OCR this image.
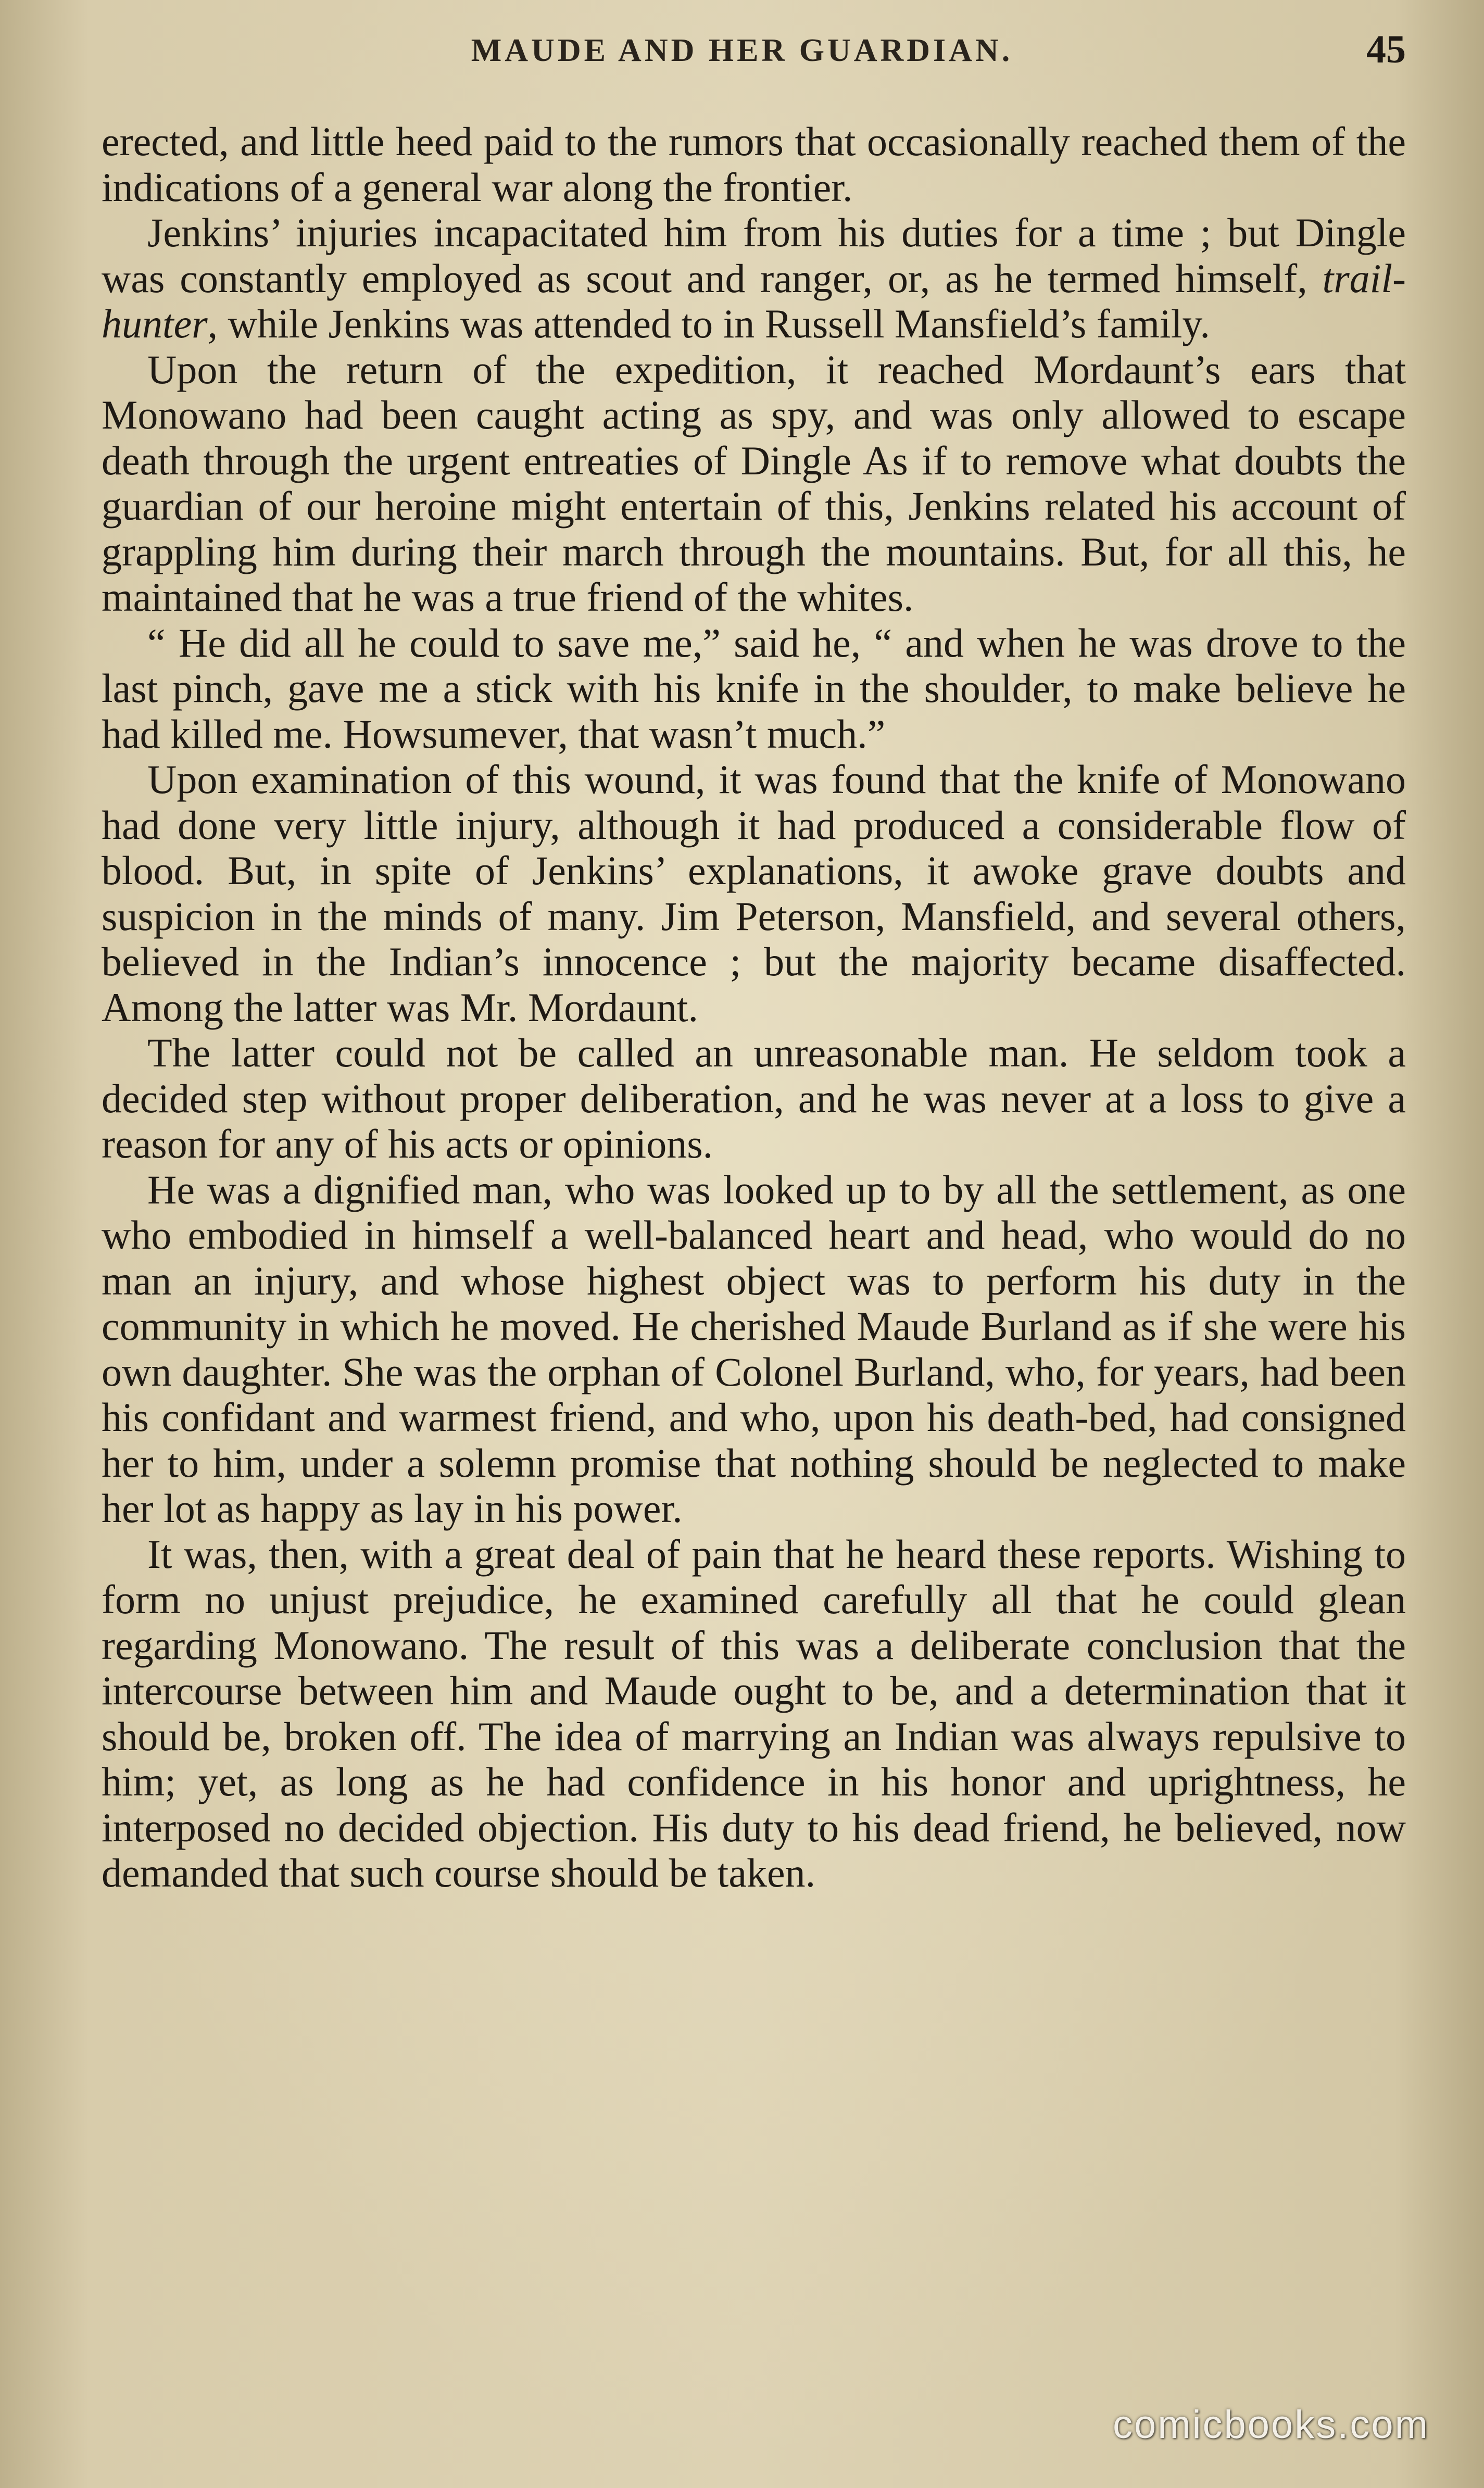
MAUDE AND HER GUARDIAN.	45

erected, and little heed paid to the rumors that occasionally reached them of the indications of a general war along the frontier.

Jenkins’ injuries incapacitated him from his duties for a time ; but Dingle was constantly employed as scout and ranger, or, as he termed himself, trail-hunter, while Jenkins was attended to in Russell Mansfield’s family.

Upon the return of the expedition, it reached Mordaunt’s ears that Monowano had been caught acting as spy, and was only allowed to escape death through the urgent entreaties of Dingle As if to remove what doubts the guardian of our heroine might entertain of this, Jenkins related his account of grappling him during their march through the mountains. But, for all this, he maintained that he was a true friend of the whites.

“ He did all he could to save me,” said he, “ and when he was drove to the last pinch, gave me a stick with his knife in the shoulder, to make believe he had killed me. Howsumever, that wasn’t much.”

Upon examination of this wound, it was found that the knife of Monowano had done very little injury, although it had produced a considerable flow of blood. But, in spite of Jenkins’ explanations, it awoke grave doubts and suspicion in the minds of many. Jim Peterson, Mansfield, and several others, believed in the Indian’s innocence ; but the majority became disaffected. Among the latter was Mr. Mordaunt.

The latter could not be called an unreasonable man. He seldom took a decided step without proper deliberation, and he was never at a loss to give a reason for any of his acts or opinions.

He was a dignified man, who was looked up to by all the settlement, as one who embodied in himself a well-balanced heart and head, who would do no man an injury, and whose highest object was to perform his duty in the community in which he moved. He cherished Maude Burland as if she were his own daughter. She was the orphan of Colonel Burland, who, for years, had been his confidant and warmest friend, and who, upon his death-bed, had consigned her to him, under a solemn promise that nothing should be neglected to make her lot as happy as lay in his power.

It was, then, with a great deal of pain that he heard these reports. Wishing to form no unjust prejudice, he examined carefully all that he could glean regarding Monowano. The result of this was a deliberate conclusion that the intercourse between him and Maude ought to be, and a determination that it should be, broken off. The idea of marrying an Indian was always repulsive to him; yet, as long as he had confidence in his honor and uprightness, he interposed no decided objection. His duty to his dead friend, he believed, now demanded that such course should be taken.

comicbooks.com
